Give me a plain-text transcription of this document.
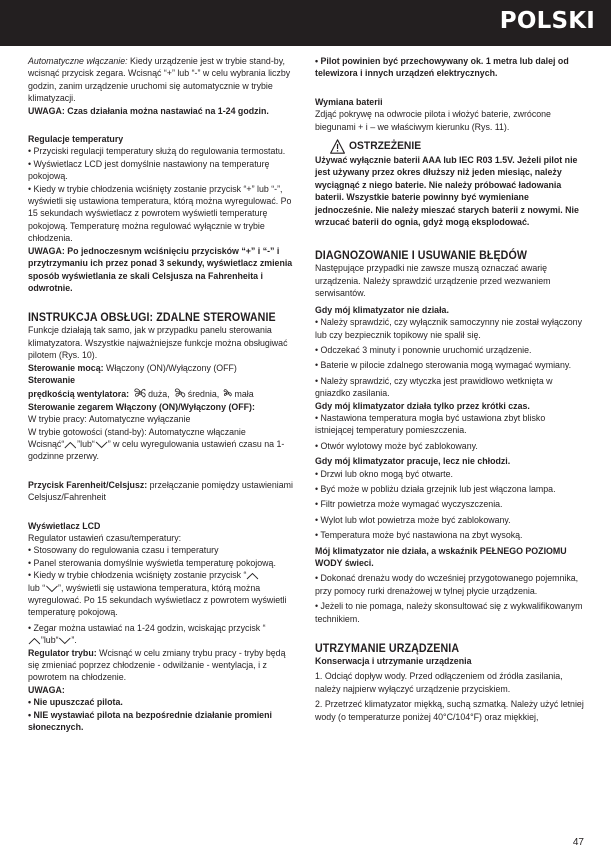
POLSKI

Automatyczne włączanie: Kiedy urządzenie jest w trybie stand-by, wcisnąć przycisk zegara. Wcisnąć “+” lub “-” w celu wybrania liczby godzin, zanim urządzenie uruchomi się automatycznie w trybie klimatyzacji.

UWAGA: Czas działania można nastawiać na 1-24 godzin.

Regulacje temperatury

• Przyciski regulacji temperatury służą do regulowania termostatu.

• Wyświetlacz LCD jest domyślnie nastawiony na temperaturę pokojową.

• Kiedy w trybie chłodzenia wciśnięty zostanie przycisk “+” lub “-”, wyświetli się ustawiona temperatura, którą można wyregulować. Po 15 sekundach wyświetlacz z powrotem wyświetli temperaturę pokojową. Temperaturę można regulować wyłącznie w trybie chłodzenia.

UWAGA: Po jednoczesnym wciśnięciu przycisków “+” i “-” i przytrzymaniu ich przez ponad 3 sekundy, wyświetlacz zmienia sposób wyświetlania ze skali Celsjusza na Fahrenheita i odwrotnie.

INSTRUKCJA OBSŁUGI: ZDALNE STEROWANIE

Funkcje działają tak samo, jak w przypadku panelu sterowania klimatyzatora. Wszystkie najważniejsze funkcje można obsługiwać pilotem (Rys. 10).

Sterowanie mocą: Włączony (ON)/Wyłączony (OFF)

Sterowanie

prędkością wentylatora: duża, średnia, mała

Sterowanie zegarem Włączony (ON)/Wyłączony (OFF):

W trybie pracy: Automatyczne wyłączanie

W trybie gotowości (stand-by): Automatyczne włączanie

Wcisnąć“ ”lub“ ” w celu wyregulowania ustawień czasu na 1-godzinne przerwy.

Przycisk Farenheit/Celsjusz: przełączanie pomiędzy ustawieniami Celsjusz/Fahrenheit

Wyświetlacz LCD

Regulator ustawień czasu/temperatury:

• Stosowany do regulowania czasu i temperatury

• Panel sterowania domyślnie wyświetla temperaturę pokojową.

• Kiedy w trybie chłodzenia wciśnięty zostanie przycisk “
lub “ ”, wyświetli się ustawiona temperatura, którą można wyregulować. Po 15 sekundach wyświetlacz z powrotem wyświetli temperaturę pokojową.

• Zegar można ustawiać na 1-24 godzin, wciskając przycisk “
”lub“ ”.

Regulator trybu: Wcisnąć w celu zmiany trybu pracy - tryby będą się zmieniać poprzez chłodzenie - odwilżanie - wentylacja, i z powrotem na chłodzenie.

UWAGA:

• Nie upuszczać pilota.

• NIE wystawiać pilota na bezpośrednie działanie promieni słonecznych.

• Pilot powinien być przechowywany ok. 1 metra lub dalej od telewizora i innych urządzeń elektrycznych.

Wymiana baterii

Zdjąć pokrywę na odwrocie pilota i włożyć baterie, zwrócone biegunami + i – we właściwym kierunku (Rys. 11).

OSTRZEŻENIE

Używać wyłącznie baterii AAA lub IEC R03 1.5V. Jeżeli pilot nie jest używany przez okres dłuższy niż jeden miesiąc, należy wyciągnąć z niego baterie. Nie należy próbować ładowania baterii. Wszystkie baterie powinny być wymieniane jednocześnie. Nie należy mieszać starych baterii z nowymi. Nie wrzucać baterii do ognia, gdyż mogą eksplodować.

DIAGNOZOWANIE I USUWANIE BŁĘDÓW

Następujące przypadki nie zawsze muszą oznaczać awarię urządzenia. Należy sprawdzić urządzenie przed wezwaniem serwisantów.

Gdy mój klimatyzator nie działa.

• Należy sprawdzić, czy wyłącznik samoczynny nie został wyłączony lub czy bezpiecznik topikowy nie spalił się.

• Odczekać 3 minuty i ponownie uruchomić urządzenie.

• Baterie w pilocie zdalnego sterowania mogą wymagać wymiany.

• Należy sprawdzić, czy wtyczka jest prawidłowo wetknięta w gniazdko zasilania.

Gdy mój klimatyzator działa tylko przez krótki czas.

• Nastawiona temperatura mogła być ustawiona zbyt blisko istniejącej temperatury pomieszczenia.

• Otwór wylotowy może być zablokowany.

Gdy mój klimatyzator pracuje, lecz nie chłodzi.

• Drzwi lub okno mogą być otwarte.

• Być może w pobliżu działa grzejnik lub jest włączona lampa.

• Filtr powietrza może wymagać wyczyszczenia.

• Wylot lub wlot powietrza może być zablokowany.

• Temperatura może być nastawiona na zbyt wysoką.

Mój klimatyzator nie działa, a wskaźnik PEŁNEGO POZIOMU WODY świeci.

• Dokonać drenażu wody do wcześniej przygotowanego pojemnika, przy pomocy rurki drenażowej w tylnej płycie urządzenia.

• Jeżeli to nie pomaga, należy skonsultować się z wykwalifikowanym technikiem.

UTRZYMANIE URZĄDZENIA

Konserwacja i utrzymanie urządzenia

1. Odciąć dopływ wody. Przed odłączeniem od źródła zasilania, należy najpierw wyłączyć urządzenie przyciskiem.

2. Przetrzeć klimatyzator miękką, suchą szmatką. Należy użyć letniej wody (o temperaturze poniżej 40°C/104°F) oraz miękkiej,

47
